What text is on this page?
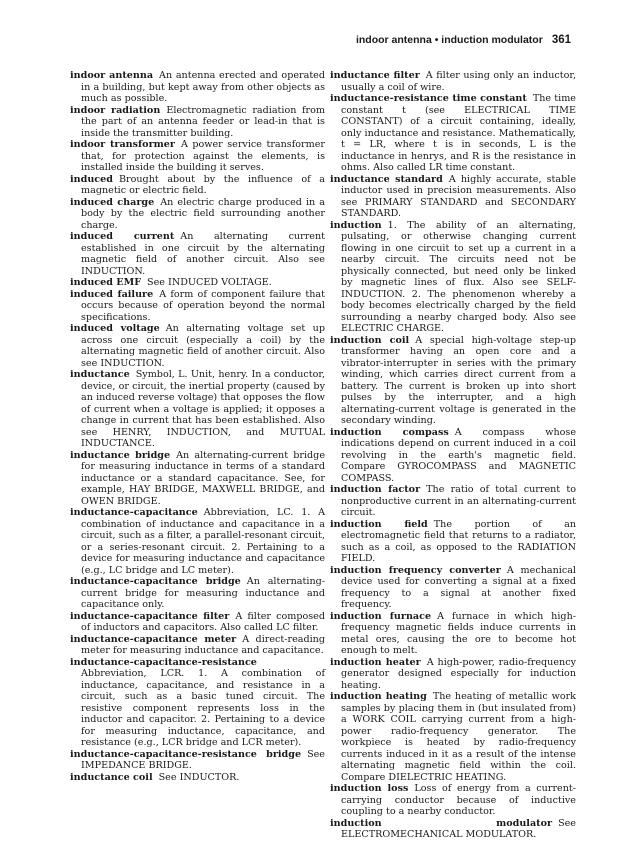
indoor antenna • induction modulator 361

indoor antenna An antenna erected and operated in a building, but kept away from other objects as much as possible.

indoor radiation Electromagnetic radiation from the part of an antenna feeder or lead-in that is inside the transmitter building.

indoor transformer A power service transformer that, for protection against the elements, is installed inside the building it serves.

induced Brought about by the influence of a magnetic or electric field.

induced charge An electric charge produced in a body by the electric field surrounding another charge.

induced current An alternating current established in one circuit by the alternating magnetic field of another circuit. Also see INDUCTION.

induced EMF See INDUCED VOLTAGE.

induced failure A form of component failure that occurs because of operation beyond the normal specifications.

induced voltage An alternating voltage set up across one circuit (especially a coil) by the alternating magnetic field of another circuit. Also see INDUCTION.

inductance Symbol, L. Unit, henry. In a conductor, device, or circuit, the inertial property (caused by an induced reverse voltage) that opposes the flow of current when a voltage is applied; it opposes a change in current that has been established. Also see HENRY, INDUCTION, and MUTUAL INDUCTANCE.

inductance bridge An alternating-current bridge for measuring inductance in terms of a standard inductance or a standard capacitance. See, for example, HAY BRIDGE, MAXWELL BRIDGE, and OWEN BRIDGE.

inductance-capacitance Abbreviation, LC. 1. A combination of inductance and capacitance in a circuit, such as a filter, a parallel-resonant circuit, or a series-resonant circuit. 2. Pertaining to a device for measuring inductance and capacitance (e.g., LC bridge and LC meter).

inductance-capacitance bridge An alternating-current bridge for measuring inductance and capacitance only.

inductance-capacitance filter A filter composed of inductors and capacitors. Also called LC filter.

inductance-capacitance meter A direct-reading meter for measuring inductance and capacitance.

inductance-capacitance-resistanceAbbreviation, LCR. 1. A combination of inductance, capacitance, and resistance in a circuit, such as a basic tuned circuit. The resistive component represents loss in the inductor and capacitor. 2. Pertaining to a device for measuring inductance, capacitance, and resistance (e.g., LCR bridge and LCR meter).

inductance-capacitance-resistance bridge See IMPEDANCE BRIDGE.

inductance coil See INDUCTOR.

inductance filter A filter using only an inductor, usually a coil of wire.

inductance-resistance time constant The time constant t (see ELECTRICAL TIME CONSTANT) of a circuit containing, ideally, only inductance and resistance. Mathematically, t = LR, where t is in seconds, L is the inductance in henrys, and R is the resistance in ohms. Also called LR time constant.

inductance standard A highly accurate, stable inductor used in precision measurements. Also see PRIMARY STANDARD and SECONDARY STANDARD.

induction 1. The ability of an alternating, pulsating, or otherwise changing current flowing in one circuit to set up a current in a nearby circuit. The circuits need not be physically connected, but need only be linked by magnetic lines of flux. Also see SELF-INDUCTION. 2. The phenomenon whereby a body becomes electrically charged by the field surrounding a nearby charged body. Also see ELECTRIC CHARGE.

induction coil A special high-voltage step-up transformer having an open core and a vibrator-interrupter in series with the primary winding, which carries direct current from a battery. The current is broken up into short pulses by the interrupter, and a high alternating-current voltage is generated in the secondary winding.

induction compass A compass whose indications depend on current induced in a coil revolving in the earth's magnetic field. Compare GYROCOMPASS and MAGNETIC COMPASS.

induction factor The ratio of total current to nonproductive current in an alternating-current circuit.

induction field The portion of an electromagnetic field that returns to a radiator, such as a coil, as opposed to the RADIATION FIELD.

induction frequency converter A mechanical device used for converting a signal at a fixed frequency to a signal at another fixed frequency.

induction furnace A furnace in which high-frequency magnetic fields induce currents in metal ores, causing the ore to become hot enough to melt.

induction heater A high-power, radio-frequency generator designed especially for induction heating.

induction heating The heating of metallic work samples by placing them in (but insulated from) a WORK COIL carrying current from a high-power radio-frequency generator. The workpiece is heated by radio-frequency currents induced in it as a result of the intense alternating magnetic field within the coil. Compare DIELECTRIC HEATING.

induction loss Loss of energy from a current-carrying conductor because of inductive coupling to a nearby conductor.

induction modulator See ELECTROMECHANICAL MODULATOR.
